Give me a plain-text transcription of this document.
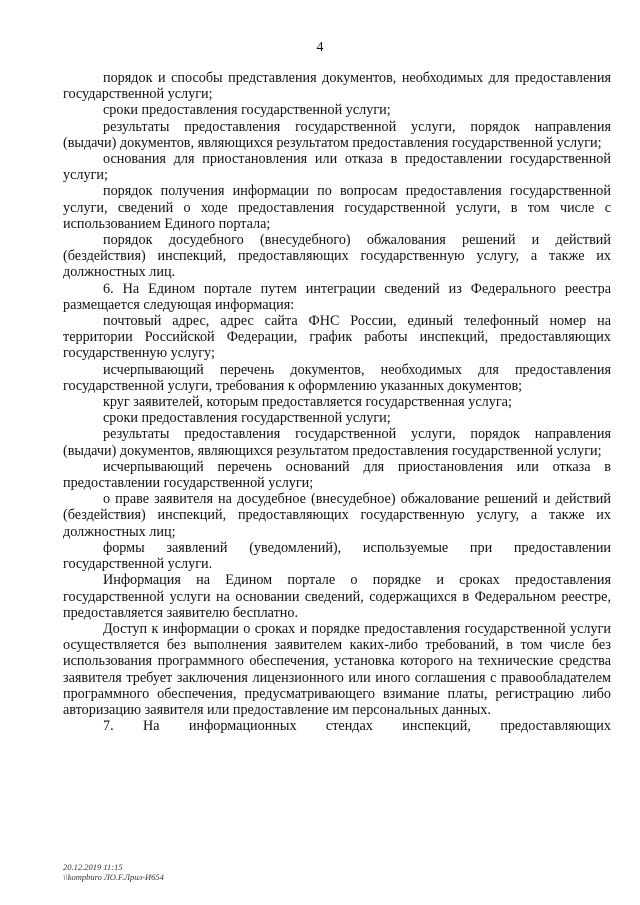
4

порядок и способы представления документов, необходимых для предоставления государственной услуги;

сроки предоставления государственной услуги;

результаты предоставления государственной услуги, порядок направления (выдачи) документов, являющихся результатом предоставления государственной услуги;

основания для приостановления или отказа в предоставлении государственной услуги;

порядок получения информации по вопросам предоставления государственной услуги, сведений о ходе предоставления государственной услуги, в том числе с использованием Единого портала;

порядок досудебного (внесудебного) обжалования решений и действий (бездействия) инспекций, предоставляющих государственную услугу, а также их должностных лиц.

6. На Едином портале путем интеграции сведений из Федерального реестра размещается следующая информация:

почтовый адрес, адрес сайта ФНС России, единый телефонный номер на территории Российской Федерации, график работы инспекций, предоставляющих государственную услугу;

исчерпывающий перечень документов, необходимых для предоставления государственной услуги, требования к оформлению указанных документов;

круг заявителей, которым предоставляется государственная услуга;

сроки предоставления государственной услуги;

результаты предоставления государственной услуги, порядок направления (выдачи) документов, являющихся результатом предоставления государственной услуги;

исчерпывающий перечень оснований для приостановления или отказа в предоставлении государственной услуги;

о праве заявителя на досудебное (внесудебное) обжалование решений и действий (бездействия) инспекций, предоставляющих государственную услугу, а также их должностных лиц;

формы заявлений (уведомлений), используемые при предоставлении государственной услуги.

Информация на Едином портале о порядке и сроках предоставления государственной услуги на основании сведений, содержащихся в Федеральном реестре, предоставляется заявителю бесплатно.

Доступ к информации о сроках и порядке предоставления государственной услуги осуществляется без выполнения заявителем каких-либо требований, в том числе без использования программного обеспечения, установка которого на технические средства заявителя требует заключения лицензионного или иного соглашения с правообладателем программного обеспечения, предусматривающего взимание платы, регистрацию либо авторизацию заявителя или предоставление им персональных данных.

7. На информационных стендах инспекций, предоставляющих

20.12.2019 11:15
\\kompburo ЛО.F.Лрил-И654
